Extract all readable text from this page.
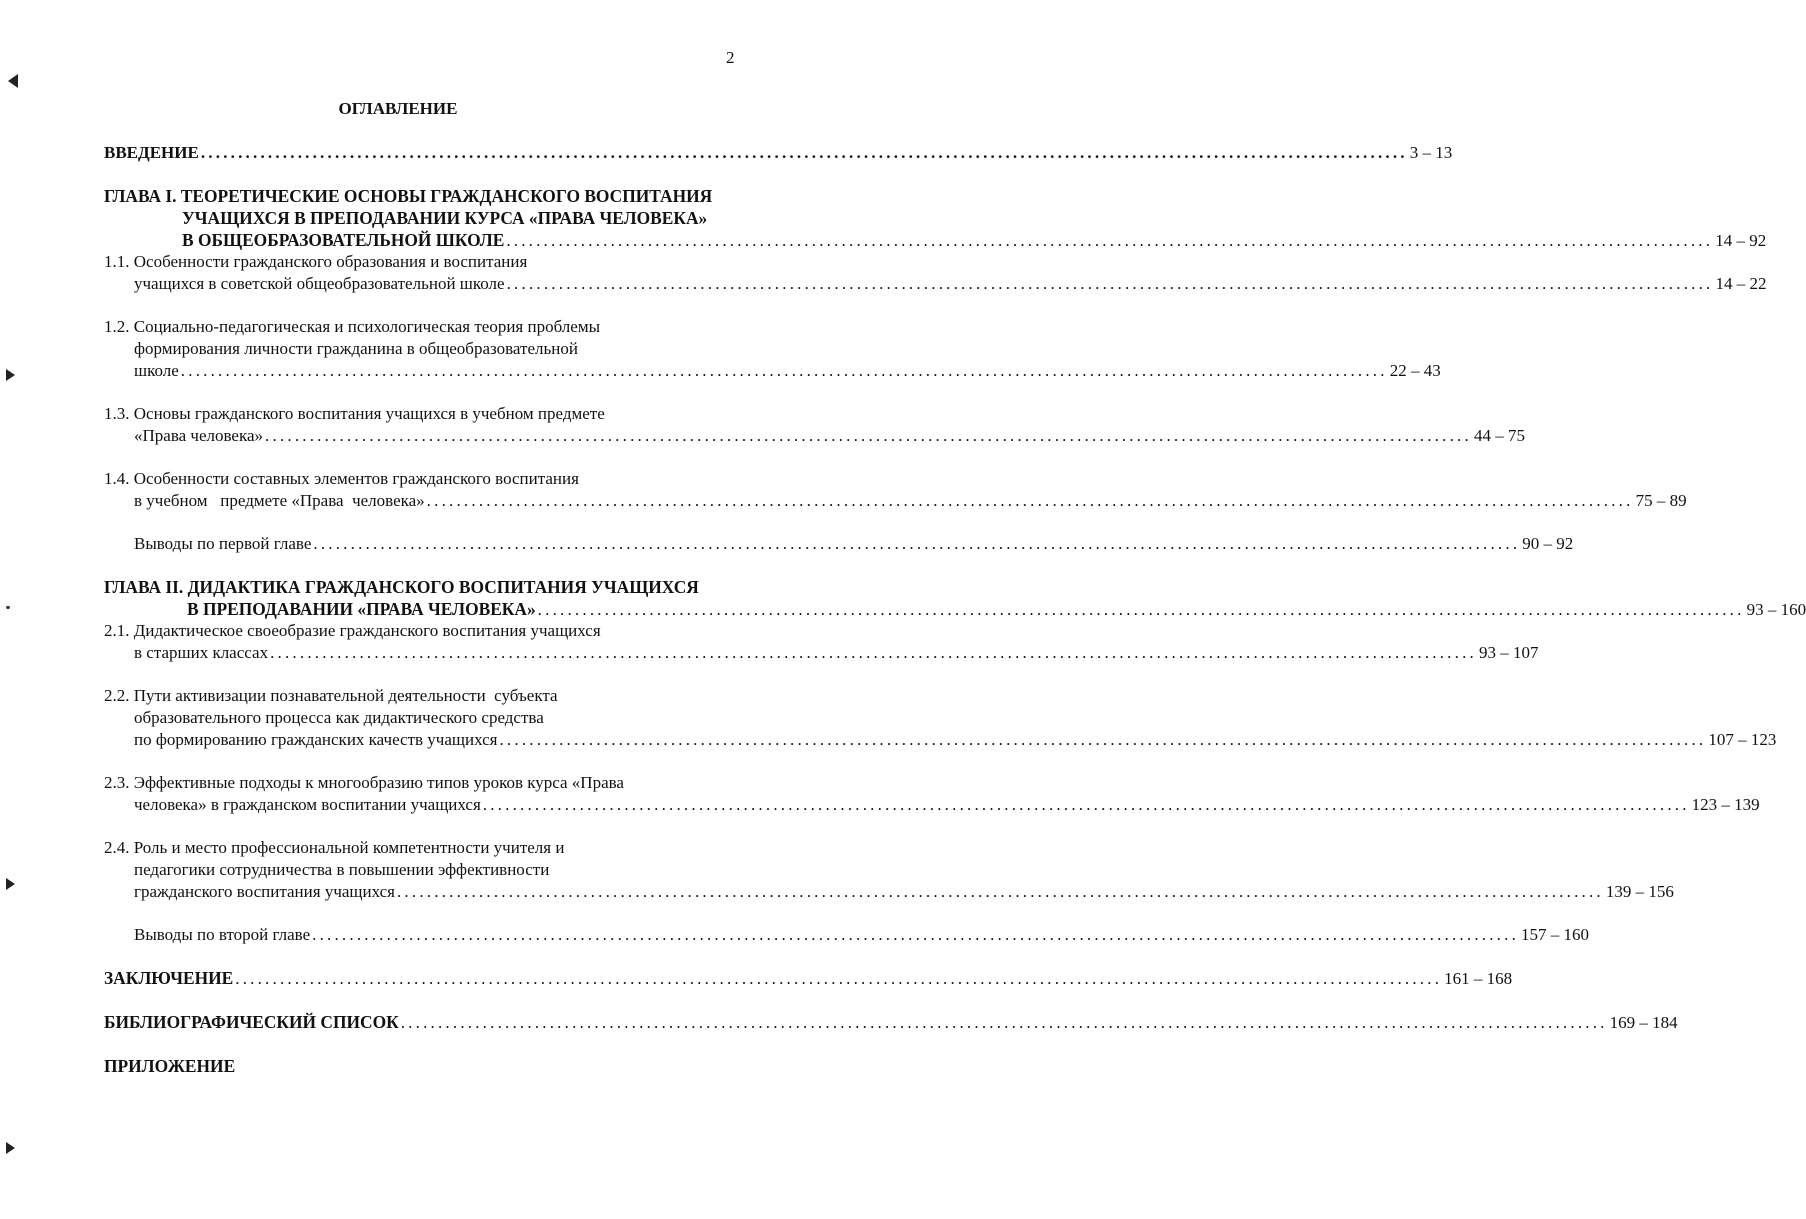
2
ОГЛАВЛЕНИЕ
ВВЕДЕНИЕ .................................................................................................................................................................. 3 – 13
ГЛАВА I. ТЕОРЕТИЧЕСКИЕ ОСНОВЫ ГРАЖДАНСКОГО ВОСПИТАНИЯ
УЧАЩИХСЯ В ПРЕПОДАВАНИИ КУРСА «ПРАВА ЧЕЛОВЕКА»
В ОБЩЕОБРАЗОВАТЕЛЬНОЙ ШКОЛЕ .................................................................................................................................................................. 14 – 92
1.1. Особенности гражданского образования и воспитания
учащихся в советской общеобразовательной школе .................................................................................................................................................................. 14 – 22
1.2. Социально-педагогическая и психологическая теория проблемы
формирования личности гражданина в общеобразовательной
школе .................................................................................................................................................................. 22 – 43
1.3. Основы гражданского воспитания учащихся в учебном предмете
«Права человека» .................................................................................................................................................................. 44 – 75
1.4. Особенности составных элементов гражданского воспитания
в учебном   предмете «Права  человека» .................................................................................................................................................................. 75 – 89
Выводы по первой главе .................................................................................................................................................................. 90 – 92
ГЛАВА II. ДИДАКТИКА ГРАЖДАНСКОГО ВОСПИТАНИЯ УЧАЩИХСЯ
В ПРЕПОДАВАНИИ «ПРАВА ЧЕЛОВЕКА» .................................................................................................................................................................. 93 – 160
2.1. Дидактическое своеобразие гражданского воспитания учащихся
в старших классах .................................................................................................................................................................. 93 – 107
2.2. Пути активизации познавательной деятельности  субъекта
образовательного процесса как дидактического средства
по формированию гражданских качеств учащихся .................................................................................................................................................................. 107 – 123
2.3. Эффективные подходы к многообразию типов уроков курса «Права
человека» в гражданском воспитании учащихся .................................................................................................................................................................. 123 – 139
2.4. Роль и место профессиональной компетентности учителя и
педагогики сотрудничества в повышении эффективности
гражданского воспитания учащихся .................................................................................................................................................................. 139 – 156
Выводы по второй главе .................................................................................................................................................................. 157 – 160
ЗАКЛЮЧЕНИЕ .................................................................................................................................................................. 161 – 168
БИБЛИОГРАФИЧЕСКИЙ СПИСОК .................................................................................................................................................................. 169 – 184
ПРИЛОЖЕНИЕ
